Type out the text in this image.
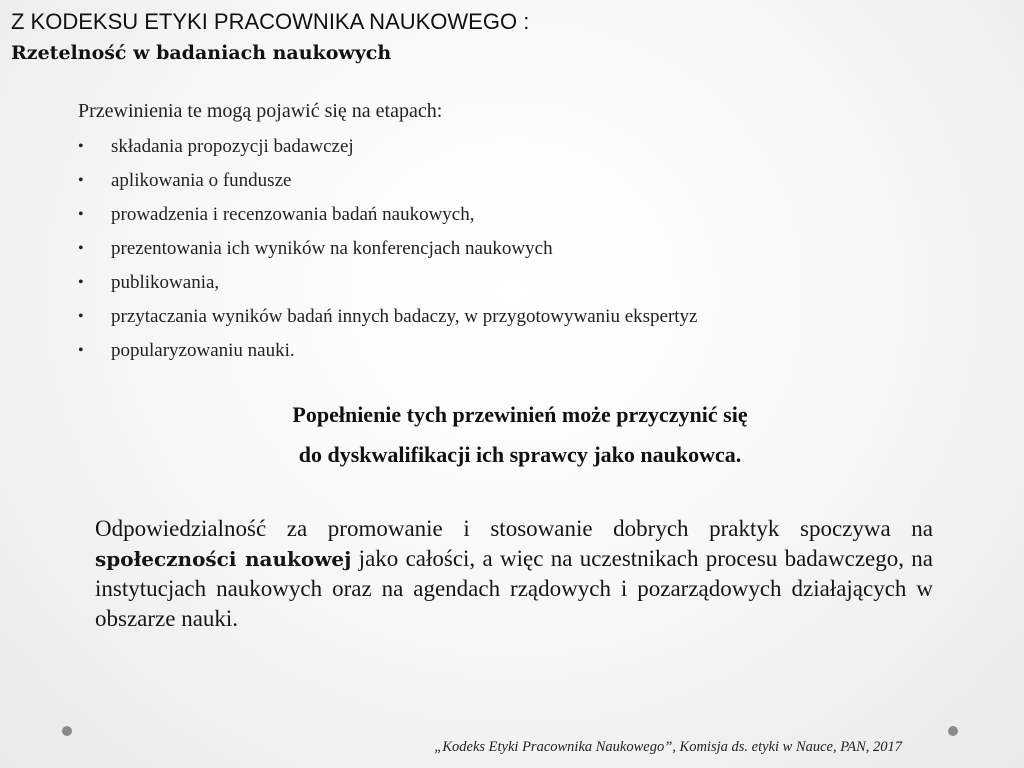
Z KODEKSU ETYKI PRACOWNIKA NAUKOWEGO :
Rzetelność w badaniach naukowych
Przewinienia te mogą pojawić się na etapach:
• składania propozycji badawczej
• aplikowania o fundusze
• prowadzenia i recenzowania badań naukowych,
• prezentowania ich wyników na konferencjach naukowych
• publikowania,
• przytaczania wyników badań innych badaczy, w przygotowywaniu ekspertyz
• popularyzowaniu nauki.
Popełnienie tych przewinień może przyczynić się
do dyskwalifikacji ich sprawcy jako naukowca.

Odpowiedzialność za promowanie i stosowanie dobrych praktyk spoczywa na społeczności naukowej jako całości, a więc na uczestnikach procesu badawczego, na instytucjach naukowych oraz na agendach rządowych i pozarządowych działających w obszarze nauki.

„Kodeks Etyki Pracownika Naukowego”, Komisja ds. etyki w Nauce, PAN, 2017
